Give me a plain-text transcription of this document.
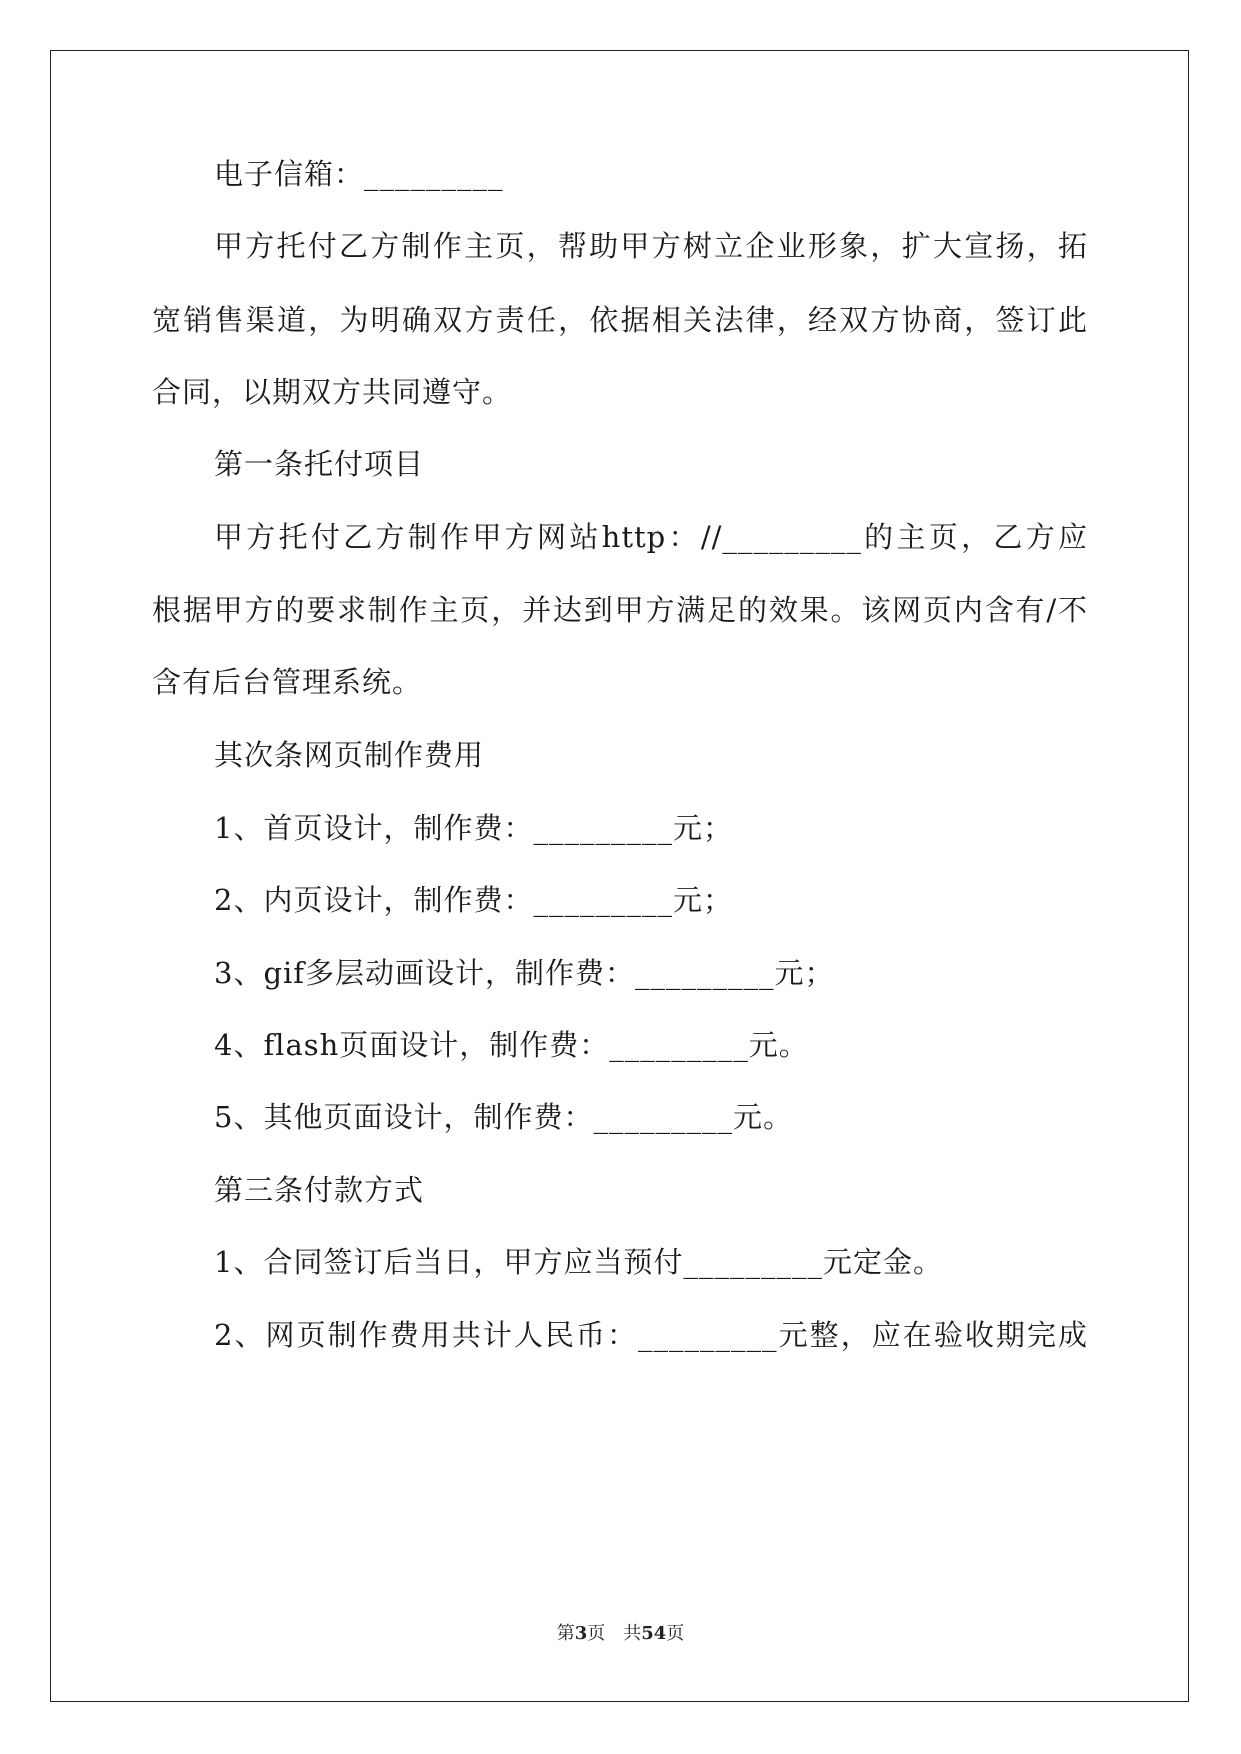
电子信箱：_________
甲方托付乙方制作主页，帮助甲方树立企业形象，扩大宣扬，拓
宽销售渠道，为明确双方责任，依据相关法律，经双方协商，签订此
合同，以期双方共同遵守。
第一条托付项目
甲方托付乙方制作甲方网站http：//_________的主页，乙方应
根据甲方的要求制作主页，并达到甲方满足的效果。该网页内含有/不
含有后台管理系统。
其次条网页制作费用
1、首页设计，制作费：_________元；
2、内页设计，制作费：_________元；
3、gif多层动画设计，制作费：_________元；
4、flash页面设计，制作费：_________元。
5、其他页面设计，制作费：_________元。
第三条付款方式
1、合同签订后当日，甲方应当预付_________元定金。
2、网页制作费用共计人民币：_________元整，应在验收期完成
第3页　共54页
